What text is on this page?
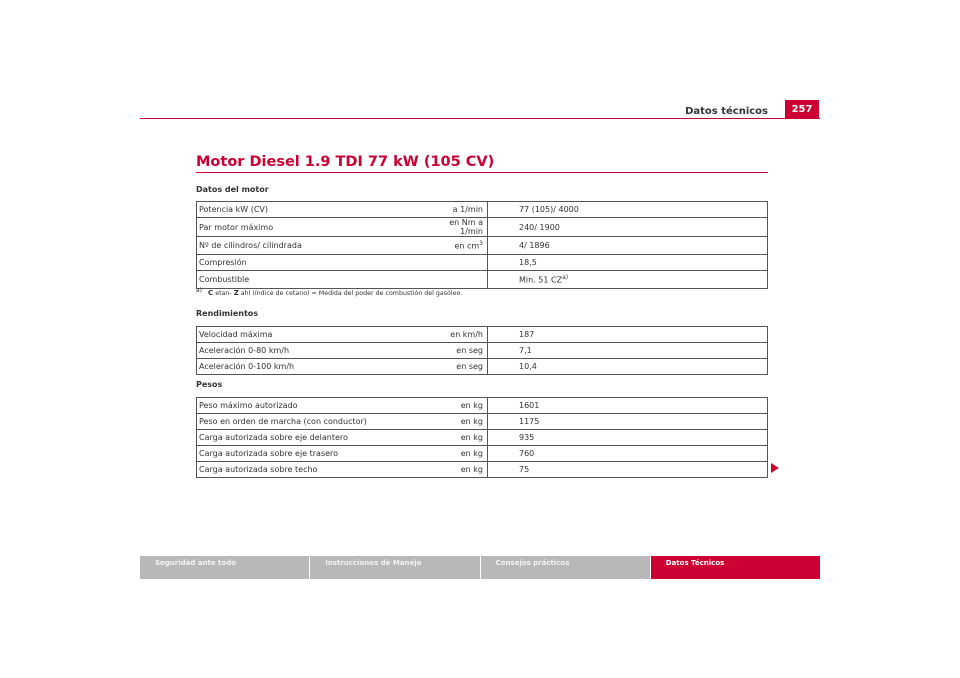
Datos técnicos	257
Motor Diesel 1.9 TDI 77 kW (105 CV)
Datos del motor
Potencia kW (CV)	a 1/min	77 (105)/ 4000
Par motor máximo	en Nm a 1/min	240/ 1900
Nº de cilindros/ cilindrada	en $cm^3$	4/ 1896
Compresión		18,5
Combustible		Min. 51 CZ$^{a)}$
a) C etan- Z ahl (índice de cetano) = Medida del poder de combustión del gasóleo.
Rendimientos
Velocidad máxima	en km/h	187
Aceleración 0-80 km/h	en seg	7,1
Aceleración 0-100 km/h	en seg	10,4
Pesos
Peso máximo autorizado	en kg	1601
Peso en orden de marcha (con conductor)	en kg	1175
Carga autorizada sobre eje delantero	en kg	935
Carga autorizada sobre eje trasero	en kg	760
Carga autorizada sobre techo	en kg	75
Seguridad ante todo	Instrucciones de Manejo	Consejos prácticos	Datos Técnicos
